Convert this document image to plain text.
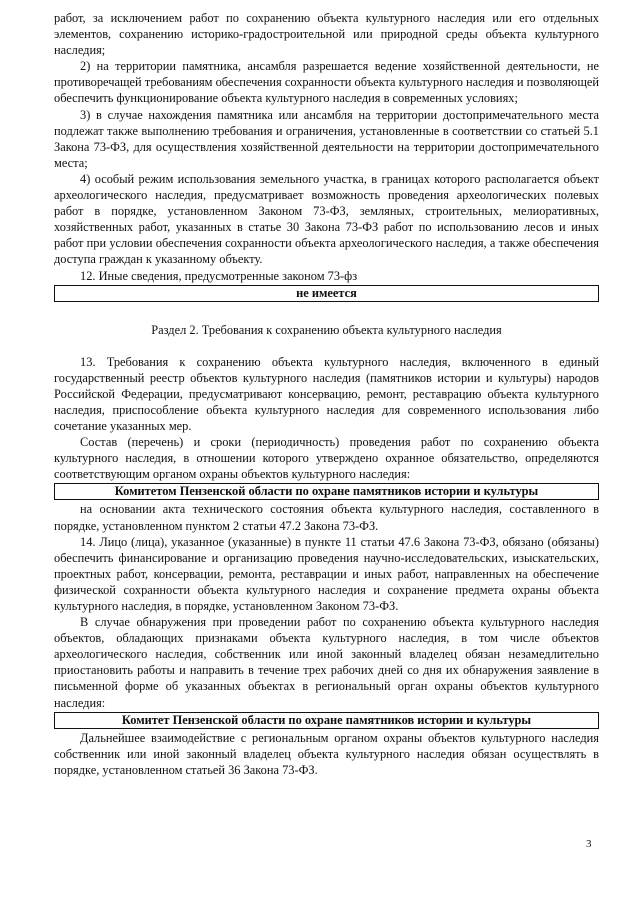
работ, за исключением работ по сохранению объекта культурного наследия или его отдельных элементов, сохранению историко-градостроительной или природной среды объекта культурного наследия;

2) на территории памятника, ансамбля разрешается ведение хозяйственной деятельности, не противоречащей требованиям обеспечения сохранности объекта культурного наследия и позволяющей обеспечить функционирование объекта культурного наследия в современных условиях;

3) в случае нахождения памятника или ансамбля на территории достопримечательного места подлежат также выполнению требования и ограничения, установленные в соответствии со статьей 5.1 Закона 73-ФЗ, для осуществления хозяйственной деятельности на территории достопримечательного места;

4) особый режим использования земельного участка, в границах которого располагается объект археологического наследия, предусматривает возможность проведения археологических полевых работ в порядке, установленном Законом 73-ФЗ, земляных, строительных, мелиоративных, хозяйственных работ, указанных в статье 30 Закона 73-ФЗ работ по использованию лесов и иных работ при условии обеспечения сохранности объекта археологического наследия, а также обеспечения доступа граждан к указанному объекту.

12. Иные сведения, предусмотренные законом 73-фз

не имеется

Раздел 2. Требования к сохранению объекта культурного наследия

13. Требования к сохранению объекта культурного наследия, включенного в единый государственный реестр объектов культурного наследия (памятников истории и культуры) народов Российской Федерации, предусматривают консервацию, ремонт, реставрацию объекта культурного наследия, приспособление объекта культурного наследия для современного использования либо сочетание указанных мер.

Состав (перечень) и сроки (периодичность) проведения работ по сохранению объекта культурного наследия, в отношении которого утверждено охранное обязательство, определяются соответствующим органом охраны объектов культурного наследия:

Комитетом Пензенской области по охране памятников истории и культуры

на основании акта технического состояния объекта культурного наследия, составленного в порядке, установленном пунктом 2 статьи 47.2 Закона 73-ФЗ.

14. Лицо (лица), указанное (указанные) в пункте 11 статьи 47.6 Закона 73-ФЗ, обязано (обязаны) обеспечить финансирование и организацию проведения научно-исследовательских, изыскательских, проектных работ, консервации, ремонта, реставрации и иных работ, направленных на обеспечение физической сохранности объекта культурного наследия и сохранение предмета охраны объекта культурного наследия, в порядке, установленном Законом 73-ФЗ.

В случае обнаружения при проведении работ по сохранению объекта культурного наследия объектов, обладающих признаками объекта культурного наследия, в том числе объектов археологического наследия, собственник или иной законный владелец обязан незамедлительно приостановить работы и направить в течение трех рабочих дней со дня их обнаружения заявление в письменной форме об указанных объектах в региональный орган охраны объектов культурного наследия:

Комитет Пензенской области по охране памятников истории и культуры

Дальнейшее взаимодействие с региональным органом охраны объектов культурного наследия собственник или иной законный владелец объекта культурного наследия обязан осуществлять в порядке, установленном статьей 36 Закона 73-ФЗ.

3
